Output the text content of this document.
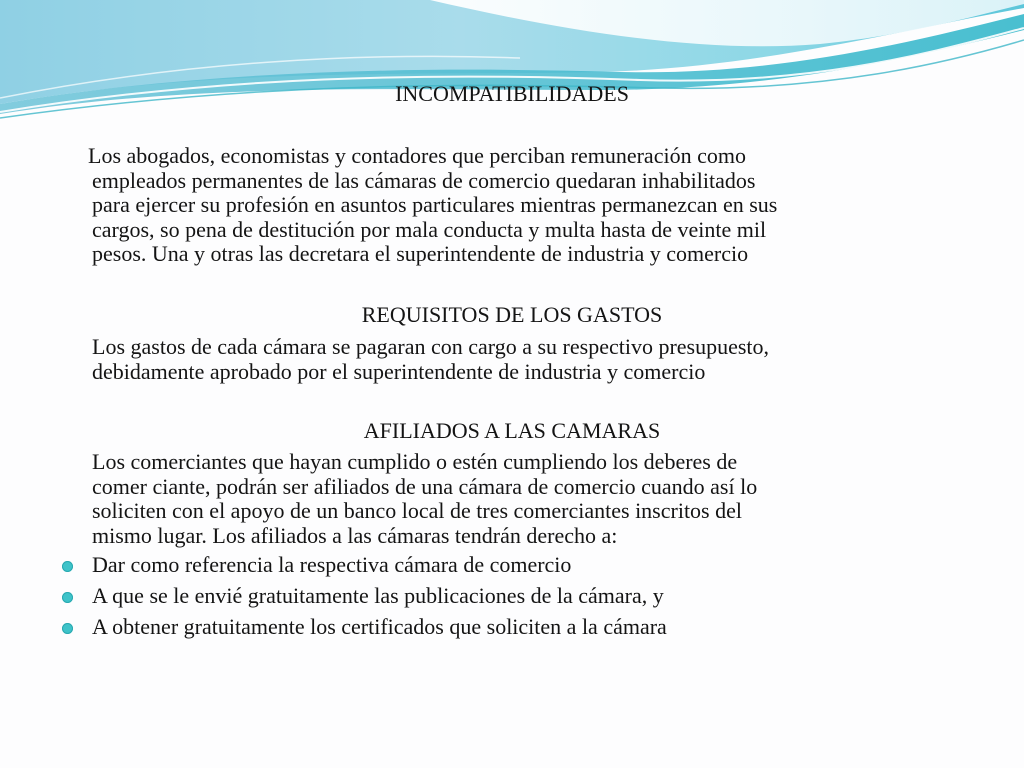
INCOMPATIBILIDADES
Los abogados, economistas y contadores que perciban remuneración como
empleados permanentes de las cámaras de comercio quedaran inhabilitados
para ejercer su profesión en asuntos particulares mientras permanezcan en sus
cargos, so pena de destitución por mala conducta y multa hasta de veinte mil
pesos. Una y otras las decretara el superintendente de industria y comercio
REQUISITOS DE LOS GASTOS
Los gastos de cada cámara se pagaran con cargo a su respectivo presupuesto,
debidamente aprobado por el superintendente de industria y comercio
AFILIADOS A LAS CAMARAS
Los comerciantes que hayan cumplido o estén cumpliendo los deberes de
comer ciante, podrán ser afiliados de una cámara de comercio cuando así lo
soliciten con el apoyo de un banco local de tres comerciantes inscritos del
mismo lugar. Los afiliados a las cámaras tendrán derecho a:
Dar como referencia la respectiva cámara de comercio
A que se le envié gratuitamente las publicaciones de la cámara, y
A obtener gratuitamente los certificados que soliciten a la cámara
